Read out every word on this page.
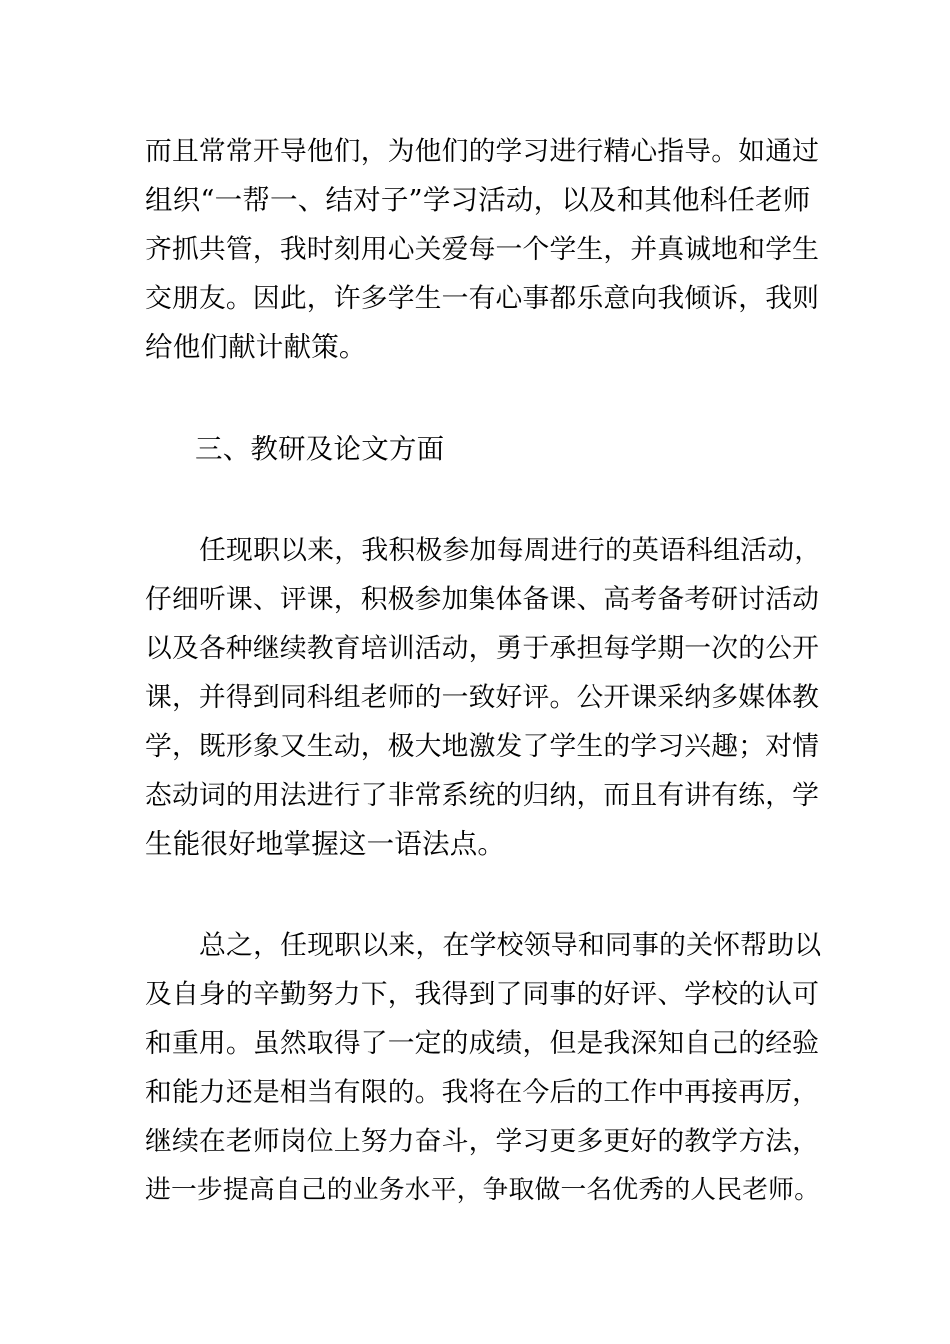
而且常常开导他们，为他们的学习进行精心指导。如通过
组织“一帮一、结对子”学习活动，以及和其他科任老师
齐抓共管，我时刻用心关爱每一个学生，并真诚地和学生
交朋友。因此，许多学生一有心事都乐意向我倾诉，我则
给他们献计献策。
三、教研及论文方面
任现职以来，我积极参加每周进行的英语科组活动，
仔细听课、评课，积极参加集体备课、高考备考研讨活动
以及各种继续教育培训活动，勇于承担每学期一次的公开
课，并得到同科组老师的一致好评。公开课采纳多媒体教
学，既形象又生动，极大地激发了学生的学习兴趣；对情
态动词的用法进行了非常系统的归纳，而且有讲有练，学
生能很好地掌握这一语法点。
总之，任现职以来，在学校领导和同事的关怀帮助以
及自身的辛勤努力下，我得到了同事的好评、学校的认可
和重用。虽然取得了一定的成绩，但是我深知自己的经验
和能力还是相当有限的。我将在今后的工作中再接再厉，
继续在老师岗位上努力奋斗，学习更多更好的教学方法，
进一步提高自己的业务水平，争取做一名优秀的人民老师。
